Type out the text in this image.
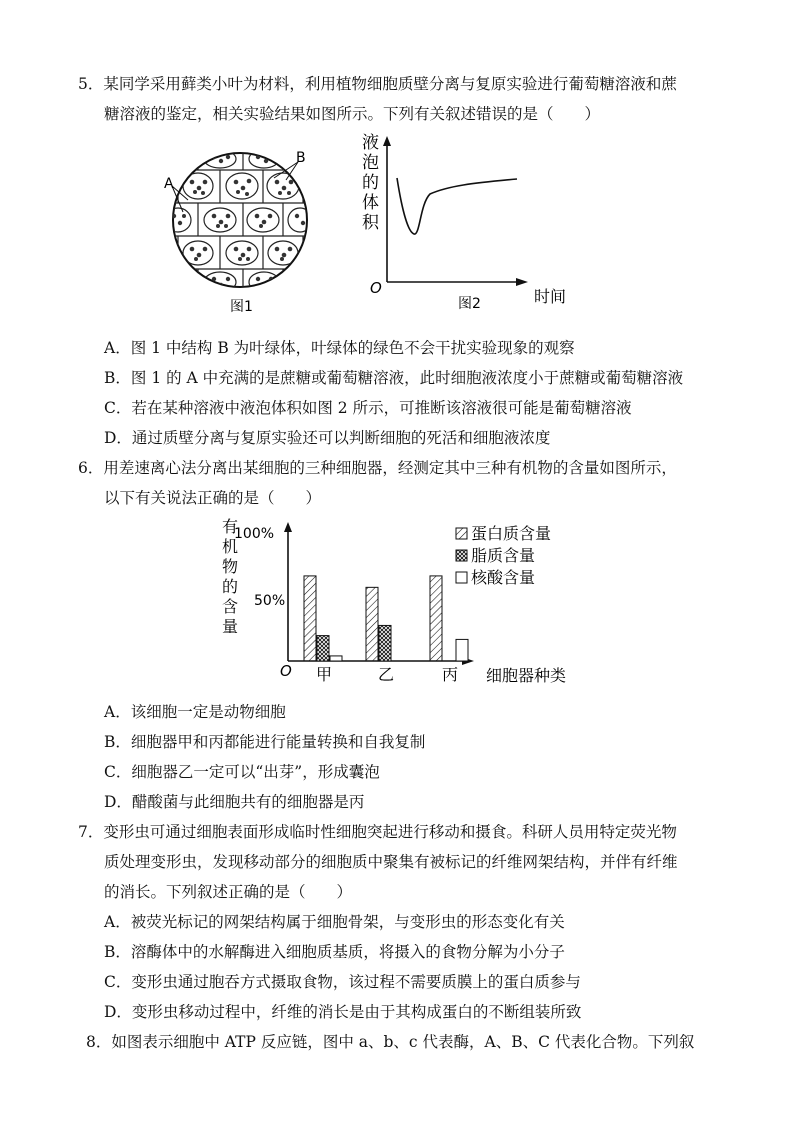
5．某同学采用藓类小叶为材料，利用植物细胞质壁分离与复原实验进行葡萄糖溶液和蔗
糖溶液的鉴定，相关实验结果如图所示。下列有关叙述错误的是（　　）
A
B
图1
液
泡
的
体
积
O
图2	时间
A．图 1 中结构 B 为叶绿体，叶绿体的绿色不会干扰实验现象的观察
B．图 1 的 A 中充满的是蔗糖或葡萄糖溶液，此时细胞液浓度小于蔗糖或葡萄糖溶液
C．若在某种溶液中液泡体积如图 2 所示，可推断该溶液很可能是葡萄糖溶液
D．通过质壁分离与复原实验还可以判断细胞的死活和细胞液浓度
6．用差速离心法分离出某细胞的三种细胞器，经测定其中三种有机物的含量如图所示，
以下有关说法正确的是（　　）
有
机
物
的
含
量
100%
50%
O	细胞器种类
甲	乙	丙
蛋白质含量
脂质含量
核酸含量
A．该细胞一定是动物细胞
B．细胞器甲和丙都能进行能量转换和自我复制
C．细胞器乙一定可以“出芽”，形成囊泡
D．醋酸菌与此细胞共有的细胞器是丙
7．变形虫可通过细胞表面形成临时性细胞突起进行移动和摄食。科研人员用特定荧光物
质处理变形虫，发现移动部分的细胞质中聚集有被标记的纤维网架结构，并伴有纤维
的消长。下列叙述正确的是（　　）
A．被荧光标记的网架结构属于细胞骨架，与变形虫的形态变化有关
B．溶酶体中的水解酶进入细胞质基质，将摄入的食物分解为小分子
C．变形虫通过胞吞方式摄取食物，该过程不需要质膜上的蛋白质参与
D．变形虫移动过程中，纤维的消长是由于其构成蛋白的不断组装所致
8．如图表示细胞中 ATP 反应链，图中 a、b、c 代表酶，A、B、C 代表化合物。下列叙
